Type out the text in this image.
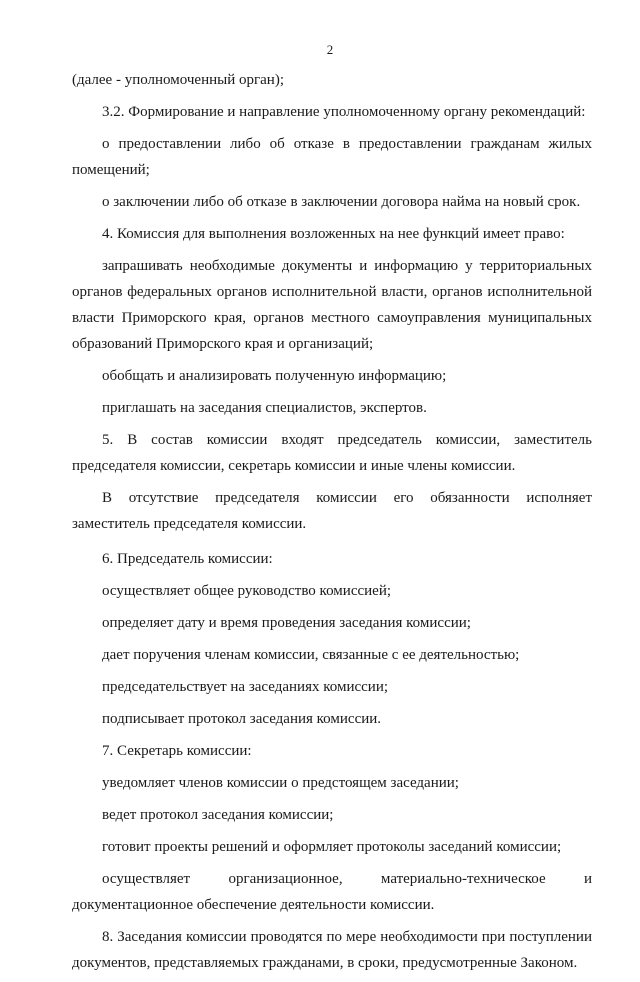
2

(далее - уполномоченный орган);

3.2. Формирование и направление уполномоченному органу рекомендаций:

о предоставлении либо об отказе в предоставлении гражданам жилых помещений;

о заключении либо об отказе в заключении договора найма на новый срок.

4. Комиссия для выполнения возложенных на нее функций имеет право:

запрашивать необходимые документы и информацию у территориальных органов федеральных органов исполнительной власти, органов исполнительной власти Приморского края, органов местного самоуправления муниципальных образований Приморского края и организаций;

обобщать и анализировать полученную информацию;

приглашать на заседания специалистов, экспертов.

5. В состав комиссии входят председатель комиссии, заместитель председателя комиссии, секретарь комиссии и иные члены комиссии.

В отсутствие председателя комиссии его обязанности исполняет заместитель председателя комиссии.

6. Председатель комиссии:

осуществляет общее руководство комиссией;

определяет дату и время проведения заседания комиссии;

дает поручения членам комиссии, связанные с ее деятельностью;

председательствует на заседаниях комиссии;

подписывает протокол заседания комиссии.

7. Секретарь комиссии:

уведомляет членов комиссии о предстоящем заседании;

ведет протокол заседания комиссии;

готовит проекты решений и оформляет протоколы заседаний комиссии;

осуществляет организационное, материально-техническое и документационное обеспечение деятельности комиссии.

8. Заседания комиссии проводятся по мере необходимости при поступлении документов, представляемых гражданами, в сроки, предусмотренные Законом.
